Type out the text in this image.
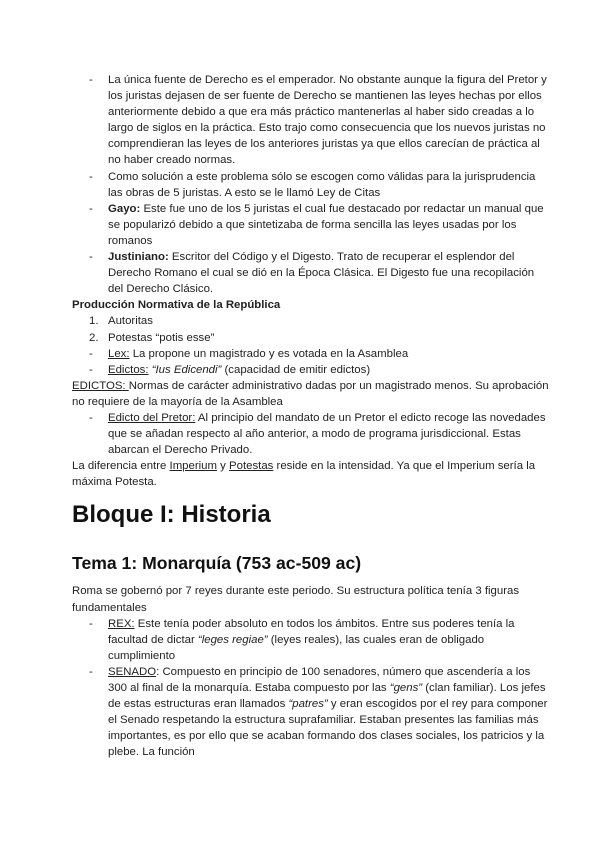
- La única fuente de Derecho es el emperador. No obstante aunque la figura del Pretor y los juristas dejasen de ser fuente de Derecho se mantienen las leyes hechas por ellos anteriormente debido a que era más práctico mantenerlas al haber sido creadas a lo largo de siglos en la práctica. Esto trajo como consecuencia que los nuevos juristas no comprendieran las leyes de los anteriores juristas ya que ellos carecían de práctica al no haber creado normas.

- Como solución a este problema sólo se escogen como válidas para la jurisprudencia las obras de 5 juristas. A esto se le llamó Ley de Citas

- Gayo: Este fue uno de los 5 juristas el cual fue destacado por redactar un manual que se popularizó debido a que sintetizaba de forma sencilla las leyes usadas por los romanos

- Justiniano: Escritor del Código y el Digesto. Trato de recuperar el esplendor del Derecho Romano el cual se dió en la Época Clásica. El Digesto fue una recopilación del Derecho Clásico.

Producción Normativa de la República

1. Autoritas

2. Potestas “potis esse”

- Lex: La propone un magistrado y es votada en la Asamblea

- Edictos: “Ius Edicendi” (capacidad de emitir edictos)

EDICTOS: Normas de carácter administrativo dadas por un magistrado menos. Su aprobación no requiere de la mayoría de la Asamblea

- Edicto del Pretor: Al principio del mandato de un Pretor el edicto recoge las novedades que se añadan respecto al año anterior, a modo de programa jurisdiccional. Estas abarcan el Derecho Privado.

La diferencia entre Imperium y Potestas reside en la intensidad. Ya que el Imperium sería la máxima Potesta.

Bloque I: Historia
Tema 1: Monarquía (753 ac-509 ac)

Roma se gobernó por 7 reyes durante este periodo. Su estructura política tenía 3 figuras fundamentales

- REX: Este tenía poder absoluto en todos los ámbitos. Entre sus poderes tenía la facultad de dictar “leges regiae” (leyes reales), las cuales eran de obligado cumplimiento

- SENADO: Compuesto en principio de 100 senadores, número que ascendería a los 300 al final de la monarquía. Estaba compuesto por las “gens” (clan familiar). Los jefes de estas estructuras eran llamados “patres” y eran escogidos por el rey para componer el Senado respetando la estructura suprafamiliar. Estaban presentes las familias más importantes, es por ello que se acaban formando dos clases sociales, los patricios y la plebe. La función
